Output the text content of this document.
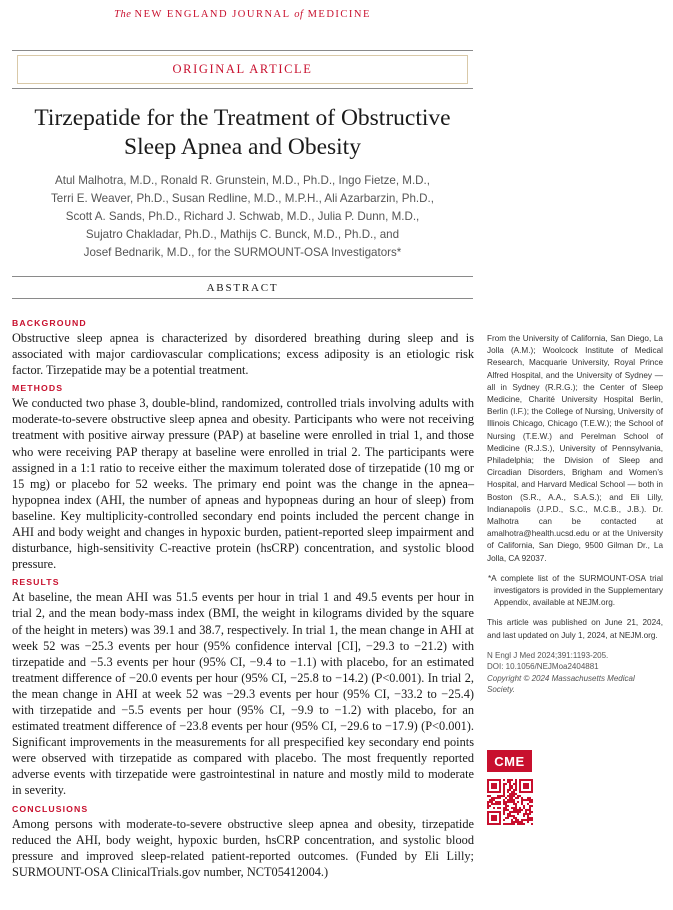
The NEW ENGLAND JOURNAL of MEDICINE
ORIGINAL ARTICLE
Tirzepatide for the Treatment of Obstructive
Sleep Apnea and Obesity
Atul Malhotra, M.D., Ronald R. Grunstein, M.D., Ph.D., Ingo Fietze, M.D.,
Terri E. Weaver, Ph.D., Susan Redline, M.D., M.P.H., Ali Azarbarzin, Ph.D.,
Scott A. Sands, Ph.D., Richard J. Schwab, M.D., Julia P. Dunn, M.D.,
Sujatro Chakladar, Ph.D., Mathijs C. Bunck, M.D., Ph.D., and
Josef Bednarik, M.D., for the SURMOUNT-OSA Investigators*
ABSTRACT
BACKGROUND

Obstructive sleep apnea is characterized by disordered breathing during sleep and is associated with major cardiovascular complications; excess adiposity is an etiologic risk factor. Tirzepatide may be a potential treatment.

METHODS

We conducted two phase 3, double-blind, randomized, controlled trials involving adults with moderate-to-severe obstructive sleep apnea and obesity. Participants who were not receiving treatment with positive airway pressure (PAP) at baseline were enrolled in trial 1, and those who were receiving PAP therapy at baseline were enrolled in trial 2. The participants were assigned in a 1:1 ratio to receive either the maximum tolerated dose of tirzepatide (10 mg or 15 mg) or placebo for 52 weeks. The primary end point was the change in the apnea–hypopnea index (AHI, the number of apneas and hypopneas during an hour of sleep) from baseline. Key multiplicity-controlled secondary end points included the percent change in AHI and body weight and changes in hypoxic burden, patient-reported sleep impairment and disturbance, high-sensitivity C-reactive protein (hsCRP) concentration, and systolic blood pressure.

RESULTS

At baseline, the mean AHI was 51.5 events per hour in trial 1 and 49.5 events per hour in trial 2, and the mean body-mass index (BMI, the weight in kilograms divided by the square of the height in meters) was 39.1 and 38.7, respectively. In trial 1, the mean change in AHI at week 52 was −25.3 events per hour (95% confidence interval [CI], −29.3 to −21.2) with tirzepatide and −5.3 events per hour (95% CI, −9.4 to −1.1) with placebo, for an estimated treatment difference of −20.0 events per hour (95% CI, −25.8 to −14.2) (P<0.001). In trial 2, the mean change in AHI at week 52 was −29.3 events per hour (95% CI, −33.2 to −25.4) with tirzepatide and −5.5 events per hour (95% CI, −9.9 to −1.2) with placebo, for an estimated treatment difference of −23.8 events per hour (95% CI, −29.6 to −17.9) (P<0.001). Significant improvements in the measurements for all prespecified key secondary end points were observed with tirzepatide as compared with placebo. The most frequently reported adverse events with tirzepatide were gastrointestinal in nature and mostly mild to moderate in severity.

CONCLUSIONS

Among persons with moderate-to-severe obstructive sleep apnea and obesity, tirzepatide reduced the AHI, body weight, hypoxic burden, hsCRP concentration, and systolic blood pressure and improved sleep-related patient-reported outcomes. (Funded by Eli Lilly; SURMOUNT-OSA ClinicalTrials.gov number, NCT05412004.)

From the University of California, San Diego, La Jolla (A.M.); Woolcock Institute of Medical Research, Macquarie University, Royal Prince Alfred Hospital, and the University of Sydney — all in Sydney (R.R.G.); the Center of Sleep Medicine, Charité University Hospital Berlin, Berlin (I.F.); the College of Nursing, University of Illinois Chicago, Chicago (T.E.W.); the School of Nursing (T.E.W.) and Perelman School of Medicine (R.J.S.), University of Pennsylvania, Philadelphia; the Division of Sleep and Circadian Disorders, Brigham and Women’s Hospital, and Harvard Medical School — both in Boston (S.R., A.A., S.A.S.); and Eli Lilly, Indianapolis (J.P.D., S.C., M.C.B., J.B.). Dr. Malhotra can be contacted at amalhotra@health.ucsd.edu or at the University of California, San Diego, 9500 Gilman Dr., La Jolla, CA 92037.

*A complete list of the SURMOUNT-OSA trial investigators is provided in the Supplementary Appendix, available at NEJM.org.

This article was published on June 21, 2024, and last updated on July 1, 2024, at NEJM.org.

N Engl J Med 2024;391:1193-205.
DOI: 10.1056/NEJMoa2404881
Copyright © 2024 Massachusetts Medical Society.
CME
